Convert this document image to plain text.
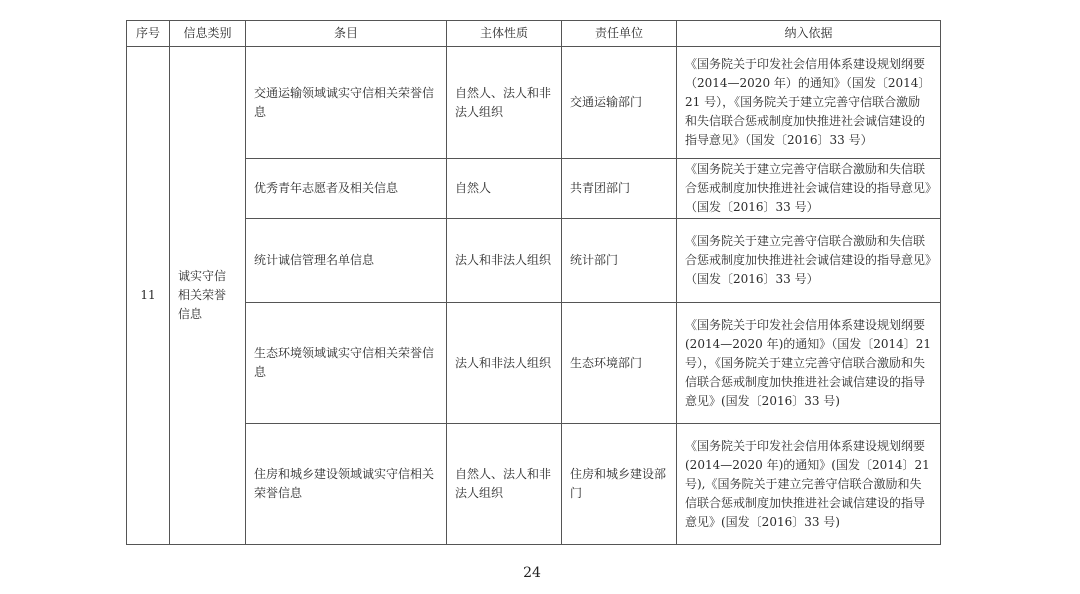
序号	信息类别	条目	主体性质	责任单位	纳入依据
11	诚实守信相关荣誉信息	交通运输领域诚实守信相关荣誉信息	自然人、法人和非法人组织	交通运输部门	《国务院关于印发社会信用体系建设规划纲要（2014—2020 年）的通知》（国发〔2014〕21 号），《国务院关于建立完善守信联合激励和失信联合惩戒制度加快推进社会诚信建设的指导意见》（国发〔2016〕33 号）
		优秀青年志愿者及相关信息	自然人	共青团部门	《国务院关于建立完善守信联合激励和失信联合惩戒制度加快推进社会诚信建设的指导意见》（国发〔2016〕33 号）
		统计诚信管理名单信息	法人和非法人组织	统计部门	《国务院关于建立完善守信联合激励和失信联合惩戒制度加快推进社会诚信建设的指导意见》（国发〔2016〕33 号）
		生态环境领域诚实守信相关荣誉信息	法人和非法人组织	生态环境部门	《国务院关于印发社会信用体系建设规划纲要(2014—2020 年)的通知》（国发〔2014〕21 号），《国务院关于建立完善守信联合激励和失信联合惩戒制度加快推进社会诚信建设的指导意见》(国发〔2016〕33 号)
		住房和城乡建设领域诚实守信相关荣誉信息	自然人、法人和非法人组织	住房和城乡建设部门	《国务院关于印发社会信用体系建设规划纲要(2014—2020 年)的通知》(国发〔2014〕21 号),《国务院关于建立完善守信联合激励和失信联合惩戒制度加快推进社会诚信建设的指导意见》(国发〔2016〕33 号)
24
